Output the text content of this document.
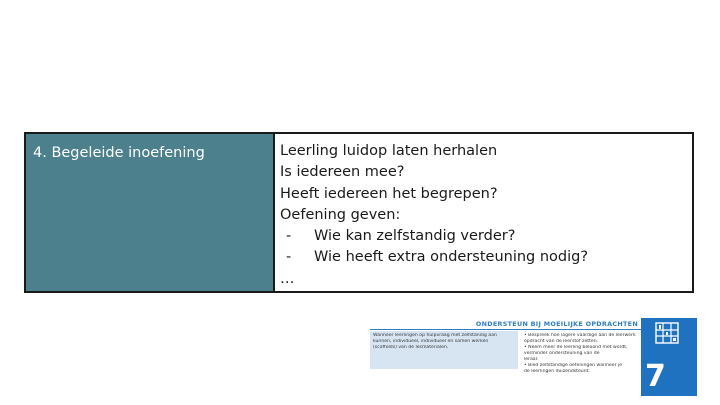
4. Begeleide inoefening	Leerling luidop laten herhalen
Is iedereen mee?
Heeft iedereen het begrepen?
Oefening geven:
-	Wie kan zelfstandig verder?
-	Wie heeft extra ondersteuning nodig?
…
ONDERSTEUN BIJ MOEILIJKE OPDRACHTEN
Wanneer leerlingen op hulpvraag met zelfstandig aan
kunnen, individueel, individueel en samen werken
(scaffolds) van de lesmaterialen.
• Bespreek hoe lagere vaardige aan de leerwerk
opdracht van de leerstof zetten.
• Neem meer de leerling beloond met wordt,
verminder ondersteuning van de
leraar.
• Bied zelfstandige oefeningen wanneer je
de leerlingen duizendsteunt.	7
